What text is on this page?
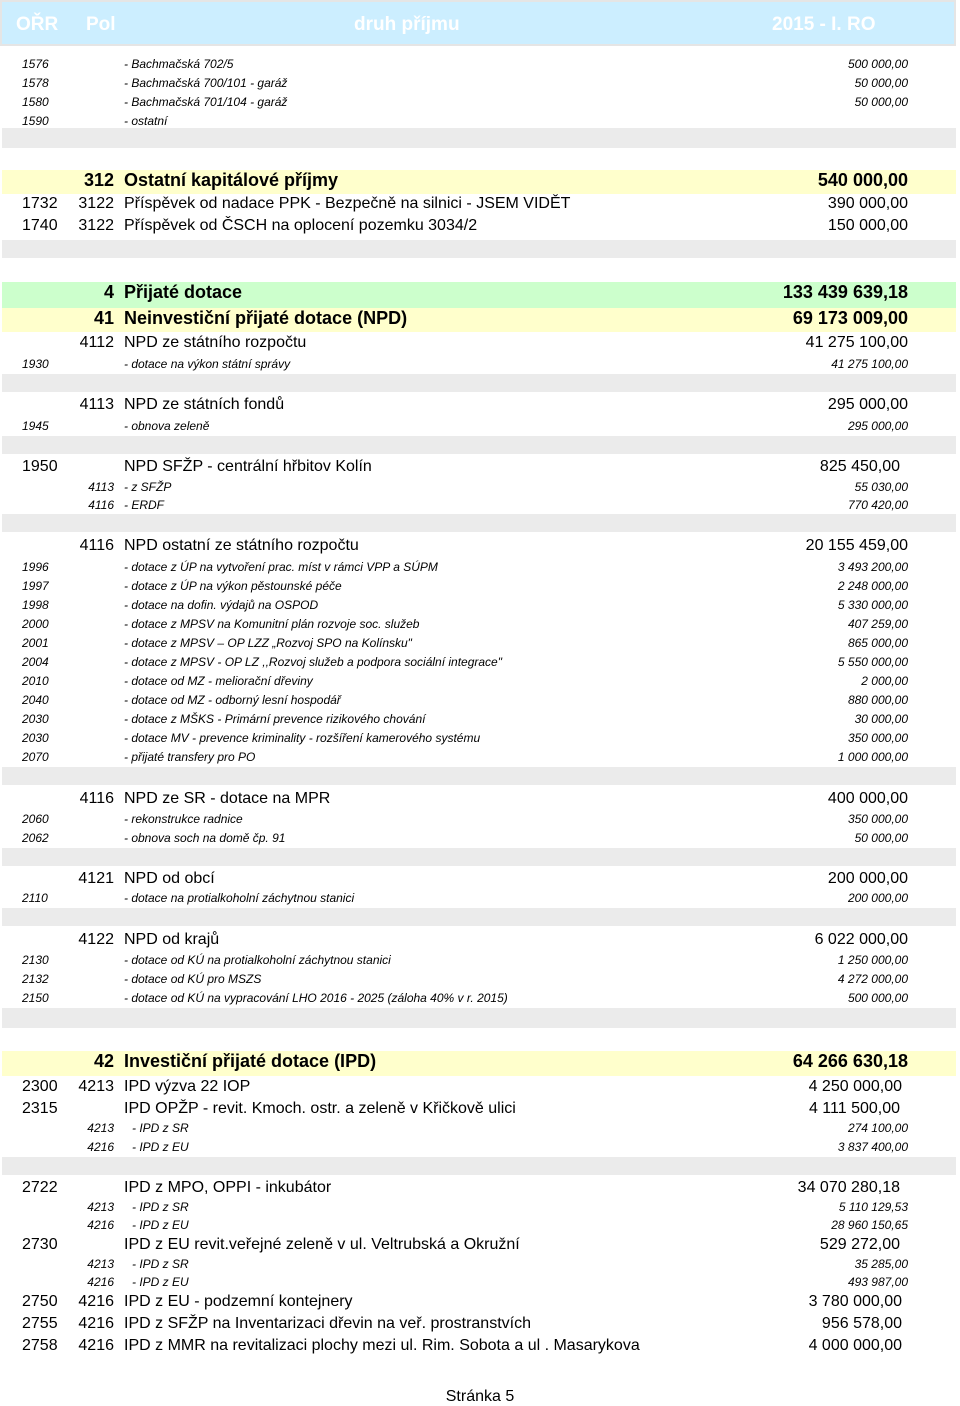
OŘR Pol	druh příjmu	2015 - I. RO
1576	- Bachmačská 702/5	500 000,00
1578	- Bachmačská 700/101 - garáž	50 000,00
1580	- Bachmačská 701/104 - garáž	50 000,00
1590	- ostatní
312 Ostatní kapitálové příjmy	540 000,00
1732	3122 Příspěvek od nadace PPK - Bezpečně na silnici - JSEM VIDĚT	390 000,00
1740	3122 Příspěvek od ČSCH na oplocení pozemku 3034/2	150 000,00
4 Přijaté dotace	133 439 639,18
41 Neinvestiční přijaté dotace (NPD)	69 173 009,00
4112 NPD ze státního rozpočtu	41 275 100,00
1930	- dotace na výkon státní správy	41 275 100,00
4113 NPD ze státních fondů	295 000,00
1945	- obnova zeleně	295 000,00
1950	NPD SFŽP - centrální hřbitov Kolín	825 450,00
4113 - z SFŽP	55 030,00
4116 - ERDF	770 420,00
4116 NPD ostatní ze státního rozpočtu	20 155 459,00
1996	- dotace z ÚP na vytvoření prac. míst v rámci VPP a SÚPM	3 493 200,00
1997	- dotace z ÚP na výkon pěstounské péče	2 248 000,00
1998	- dotace na dofin. výdajů na OSPOD	5 330 000,00
2000	- dotace z MPSV na Komunitní plán rozvoje soc. služeb	407 259,00
2001	- dotace z MPSV – OP LZZ „Rozvoj SPO na Kolínsku"	865 000,00
2004	- dotace z MPSV - OP LZ ,,Rozvoj služeb a podpora sociální integrace"	5 550 000,00
2010	- dotace od MZ - meliorační dřeviny	2 000,00
2040	- dotace od MZ - odborný lesní hospodář	880 000,00
2030	- dotace z MŠKS - Primární prevence rizikového chování	30 000,00
2030	- dotace MV - prevence kriminality - rozšíření kamerového systému	350 000,00
2070	- přijaté transfery pro PO	1 000 000,00
4116 NPD ze SR - dotace na MPR	400 000,00
2060	- rekonstrukce radnice	350 000,00
2062	- obnova soch na domě čp. 91	50 000,00
4121 NPD od obcí	200 000,00
2110	- dotace na protialkoholní záchytnou stanici	200 000,00
4122 NPD od krajů	6 022 000,00
2130	- dotace od KÚ na protialkoholní záchytnou stanici	1 250 000,00
2132	- dotace od KÚ pro MSZS	4 272 000,00
2150	- dotace od KÚ na vypracování LHO 2016 - 2025 (záloha 40% v r. 2015)	500 000,00
42 Investiční přijaté dotace (IPD)	64 266 630,18
2300	4213 IPD výzva 22 IOP	4 250 000,00
2315	IPD OPŽP - revit. Kmoch. ostr. a zeleně v Křičkově ulici	4 111 500,00
4213 - IPD z SR	274 100,00
4216 - IPD z EU	3 837 400,00
2722	IPD z MPO, OPPI - inkubátor	34 070 280,18
4213 - IPD z SR	5 110 129,53
4216 - IPD z EU	28 960 150,65
2730	IPD z EU revit.veřejné zeleně v ul. Veltrubská a Okružní	529 272,00
4213 - IPD z SR	35 285,00
4216 - IPD z EU	493 987,00
2750	4216 IPD z EU - podzemní kontejnery	3 780 000,00
2755	4216 IPD z SFŽP na Inventarizaci dřevin na veř. prostranstvích	956 578,00
2758	4216 IPD z MMR na revitalizaci plochy mezi ul. Rim. Sobota a ul . Masarykova	4 000 000,00
Stránka 5
